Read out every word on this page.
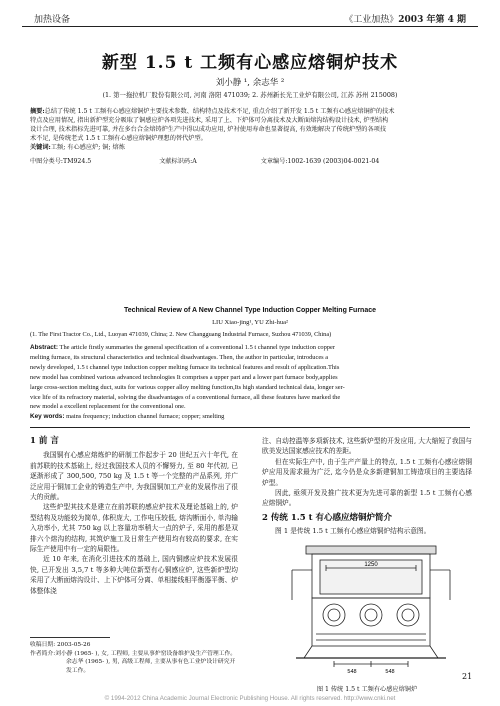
加热设备	《工业加热》2003 年第 4 期
新型 1.5 t 工频有心感应熔铜炉技术
刘小静 ¹, 余志华 ²
(1. 第一拖拉机厂股份有限公司, 河南 洛阳 471039; 2. 苏州新长光工业炉有限公司, 江苏 苏州 215008)
摘要:总结了传统 1.5 t 工频有心感应熔铜炉主要技术参数、结构特点及技术不足, 重点介绍了新开发 1.5 t 工频有心感应熔铜炉的技术
特点及应用情况, 指出新炉型充分吸取了铜感应炉各项先进技术, 采用了上、下炉体可分离技术及大断面熔沟结构设计技术, 炉型结构
设计合理, 技术指标先进可靠, 并在多台合金熔铸炉生产中得以成功应用, 炉衬使用寿命也显著提高, 有效地解决了传统炉型的各项技
术不足, 是传统老式 1.5 t 工频有心感应熔铜炉理想的替代炉型。
关键词:工频; 有心感应炉; 铜; 熔炼
中图分类号:TM924.5	文献标识码:A	文章编号:1002-1639 (2003)04-0021-04
Technical Review of A New Channel Type Induction Copper Melting Furnace
LIU Xiao-jing¹, YU Zhi-hua²
(1. The First Tractor Co., Ltd., Luoyan 471039, China; 2. New Changguang Industrial Furnace, Suzhou 471039, China)
Abstract: The article firstly summaries the general specification of a conventional 1.5 t channel type induction copper
melting furnace, its structural characteristics and technical disadvantages. Then, the author in particular, introduces a
newly developed, 1.5 t channel type induction copper melting furnace its technical features and result of application.This
new model has combined various advanced technologies It comprises a upper part and a lower part furnace body,applies
large cross-section melting duct, suits for various copper alloy melting function,Its high standard technical data, longer ser-
vice life of its refractory material, solving the disadvantages of a conventional furnace, all these features have marked the
new model a excellent replacement for the conventional one.
Key words: mains frequency; induction channel furnace; copper; smelting
1 前 言

我国铜有心感应熔炼炉的研制工作起步于 20 世纪五六十年代, 在前苏联的技术基础上, 经过我国技术人员的不懈努力, 至 80 年代初, 已逐渐形成了 300,500, 750 kg 及 1.5 t 等一个完整的产品系列, 并广泛应用于铜加工企业的铸造生产中, 为我国铜加工产业的发展作出了很大的贡献。

这些炉型其技术是建立在前苏联的感应炉技术及理论基础上的, 炉型结构及功能较为简单, 体积庞大, 工作电压较低, 熔沟断面小, 单沟输入功率小, 尤其 750 kg 以上容量功率稍大一点的炉子, 采用的都是双排六个熔沟的结构, 其筑炉施工及日常生产使用均有较高的要求, 在实际生产使用中有一定的局限性。

近 10 年来, 在消化引进技术的基础上, 国内铜感应炉技术发展很快, 已开发出 3,5,7 t 等多种大吨位新型有心铜感应炉, 这些新炉型均采用了大断面熔沟设计、上下炉体可分离、单相接线相平衡器平衡、炉体整体浇

收稿日期: 2003-05-26
作者简介:刘小静 (1965- ), 女, 工程师, 主要从事炉窑设备维护及生产管理工作。
余志华 (1965- ), 男, 高级工程师, 主要从事有色工业炉设计研究开发工作。

注、自动控温等多项新技术, 这些新炉型的开发应用, 大大缩短了我国与欧美发达国家感应技术的差距。

但在实际生产中, 由于生产产量上的特点, 1.5 t 工频有心感应熔铜炉应用及需求最为广泛, 迄今仍是众多新建铜加工铸造项目的主要选择炉型。

因此, 亟须开发及推广技术更为先进可靠的新型 1.5 t 工频有心感应熔铜炉。

2 传统 1.5 t 有心感应熔铜炉简介

图 1 是传统 1.5 t 工频有心感应熔铜炉结构示意图。

1250
548	548
图 1 传统 1.5 t 工频有心感应熔铜炉
21
© 1994-2012 China Academic Journal Electronic Publishing House. All rights reserved. http://www.cnki.net
